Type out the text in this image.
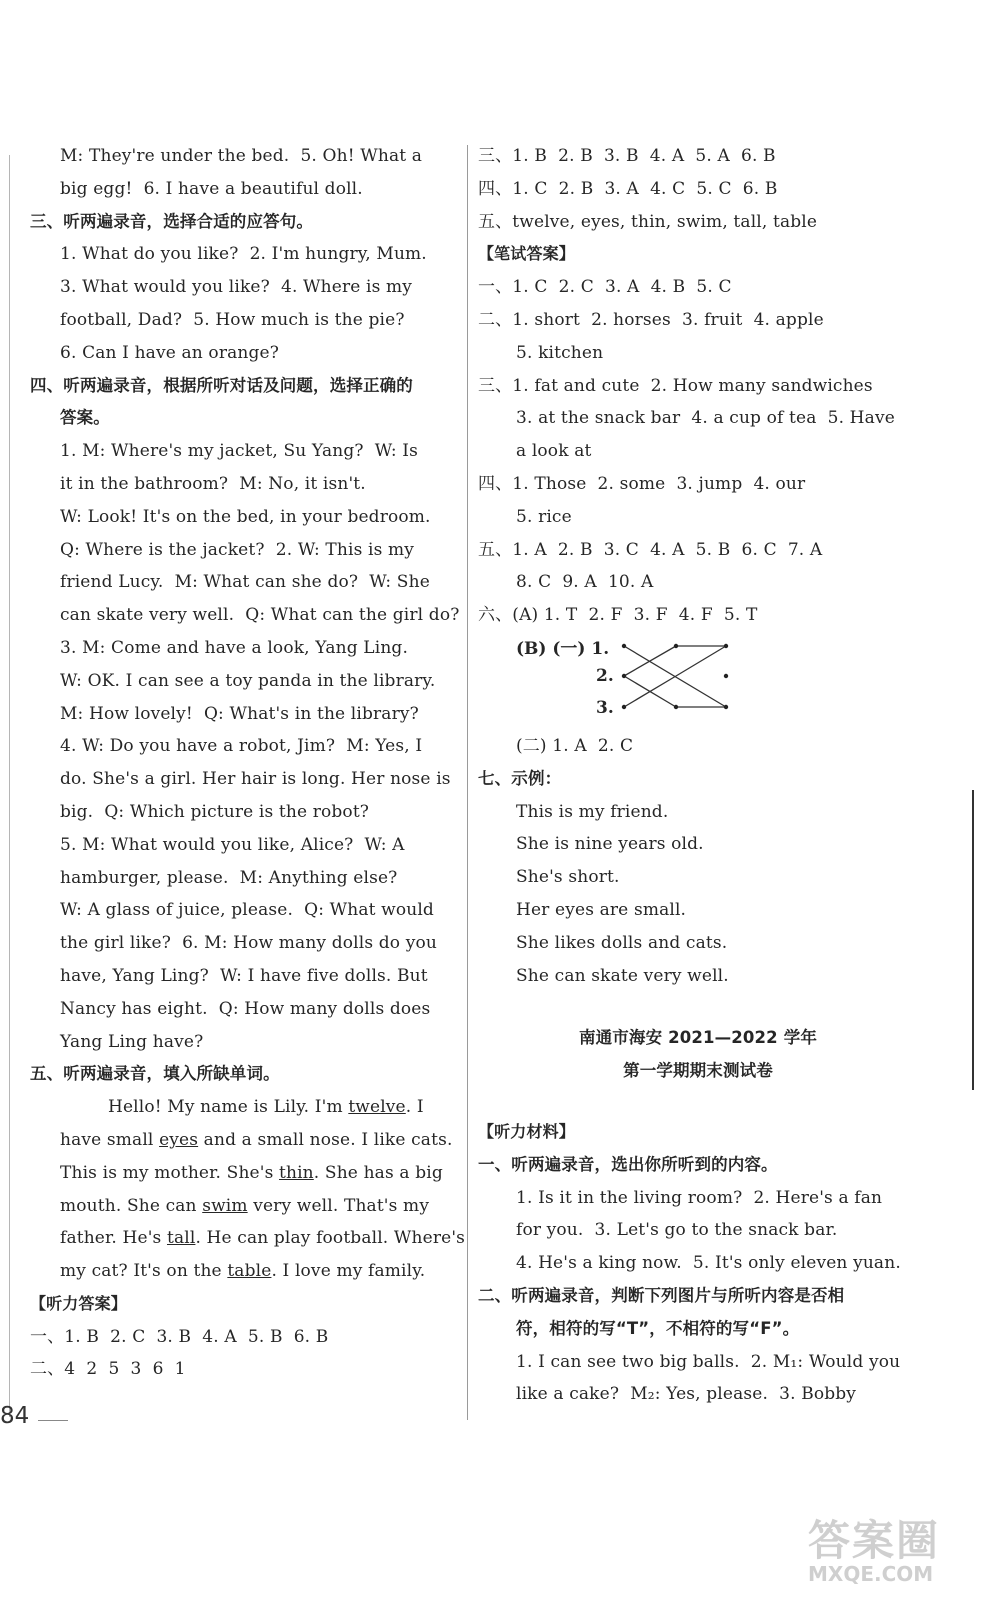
M: They're under the bed.  5. Oh! What a
big egg!  6. I have a beautiful doll.
三、听两遍录音，选择合适的应答句。
1. What do you like?  2. I'm hungry, Mum.
3. What would you like?  4. Where is my
football, Dad?  5. How much is the pie?
6. Can I have an orange?
四、听两遍录音，根据所听对话及问题，选择正确的
答案。
1. M: Where's my jacket, Su Yang?  W: Is
it in the bathroom?  M: No, it isn't.
W: Look! It's on the bed, in your bedroom.
Q: Where is the jacket?  2. W: This is my
friend Lucy.  M: What can she do?  W: She
can skate very well.  Q: What can the girl do?
3. M: Come and have a look, Yang Ling.
W: OK. I can see a toy panda in the library.
M: How lovely!  Q: What's in the library?
4. W: Do you have a robot, Jim?  M: Yes, I
do. She's a girl. Her hair is long. Her nose is
big.  Q: Which picture is the robot?
5. M: What would you like, Alice?  W: A
hamburger, please.  M: Anything else?
W: A glass of juice, please.  Q: What would
the girl like?  6. M: How many dolls do you
have, Yang Ling?  W: I have five dolls. But
Nancy has eight.  Q: How many dolls does
Yang Ling have?
五、听两遍录音，填入所缺单词。
Hello! My name is Lily. I'm twelve. I
have small eyes and a small nose. I like cats.
This is my mother. She's thin. She has a big
mouth. She can swim very well. That's my
father. He's tall. He can play football. Where's
my cat? It's on the table. I love my family.
【听力答案】
一、1. B  2. C  3. B  4. A  5. B  6. B
二、4  2  5  3  6  1
三、1. B  2. B  3. B  4. A  5. A  6. B
四、1. C  2. B  3. A  4. C  5. C  6. B
五、twelve, eyes, thin, swim, tall, table
【笔试答案】
一、1. C  2. C  3. A  4. B  5. C
二、1. short  2. horses  3. fruit  4. apple
5. kitchen
三、1. fat and cute  2. How many sandwiches
3. at the snack bar  4. a cup of tea  5. Have
a look at
四、1. Those  2. some  3. jump  4. our
5. rice
五、1. A  2. B  3. C  4. A  5. B  6. C  7. A
8. C  9. A  10. A
六、(A) 1. T  2. F  3. F  4. F  5. T
(B) (一) 1.
2.
3.
(二) 1. A  2. C
七、示例：
This is my friend.
She is nine years old.
She's short.
Her eyes are small.
She likes dolls and cats.
She can skate very well.
南通市海安 2021—2022 学年
第一学期期末测试卷
【听力材料】
一、听两遍录音，选出你所听到的内容。
1. Is it in the living room?  2. Here's a fan
for you.  3. Let's go to the snack bar.
4. He's a king now.  5. It's only eleven yuan.
二、听两遍录音，判断下列图片与所听内容是否相
符，相符的写“T”，不相符的写“F”。
1. I can see two big balls.  2. M₁: Would you
like a cake?  M₂: Yes, please.  3. Bobby
84
答案圈
MXQE.COM
